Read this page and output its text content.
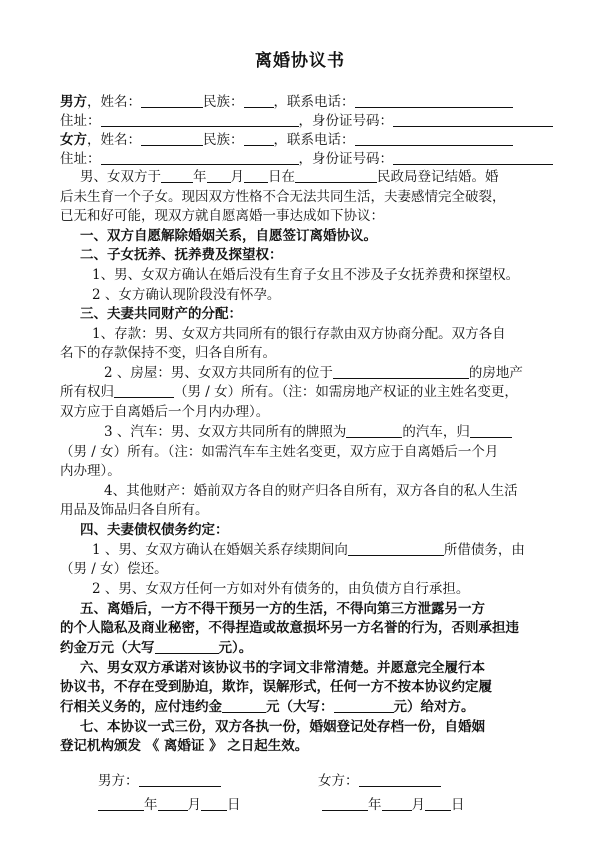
离婚协议书
男方，姓名：	民族： ，联系电话：
住址：	，身份证号码：
女方，姓名：	民族： ，联系电话：
住址：	，身份证号码：
男、女双方于 年 月 日在	民政局登记结婚。婚
后未生育一个子女。现因双方性格不合无法共同生活，夫妻感情完全破裂，
已无和好可能，现双方就自愿离婚一事达成如下协议：
一、双方自愿解除婚姻关系，自愿签订离婚协议。
二、子女抚养、抚养费及探望权：
1、男、女双方确认在婚后没有生育子女且不涉及子女抚养费和探望权。
2 、女方确认现阶段没有怀孕。
三、夫妻共同财产的分配：
1、存款：男、女双方共同所有的银行存款由双方协商分配。双方各自
名下的存款保持不变，归各自所有。
2 、房屋：男、女双方共同所有的位于	的房地产
所有权归	（男 / 女）所有。（注：如需房地产权证的业主姓名变更，
双方应于自离婚后一个月内办理）。
3 、汽车：男、女双方共同所有的牌照为	的汽车，归
（男 / 女）所有。（注：如需汽车车主姓名变更，双方应于自离婚后一个月
内办理）。
4、其他财产：婚前双方各自的财产归各自所有，双方各自的私人生活
用品及饰品归各自所有。
四、夫妻债权债务约定：
1 、男、女双方确认在婚姻关系存续期间向	所借债务，由
（男 / 女）偿还。
2 、男、女双方任何一方如对外有债务的，由负债方自行承担。
五、离婚后，一方不得干预另一方的生活，不得向第三方泄露另一方
的个人隐私及商业秘密，不得捏造或故意损坏另一方名誉的行为，否则承担违
约金万元（大写	元）。
六、男女双方承诺对该协议书的字词文非常清楚。并愿意完全履行本
协议书，不存在受到胁迫，欺诈，误解形式，任何一方不按本协议约定履
行相关义务的，应付违约金	元（大写：	元）给对方。
七、本协议一式三份，双方各执一份，婚姻登记处存档一份，自婚姻
登记机构颁发 《 离婚证 》 之日起生效。
男方：	女方：
年 月 日	年 月 日
